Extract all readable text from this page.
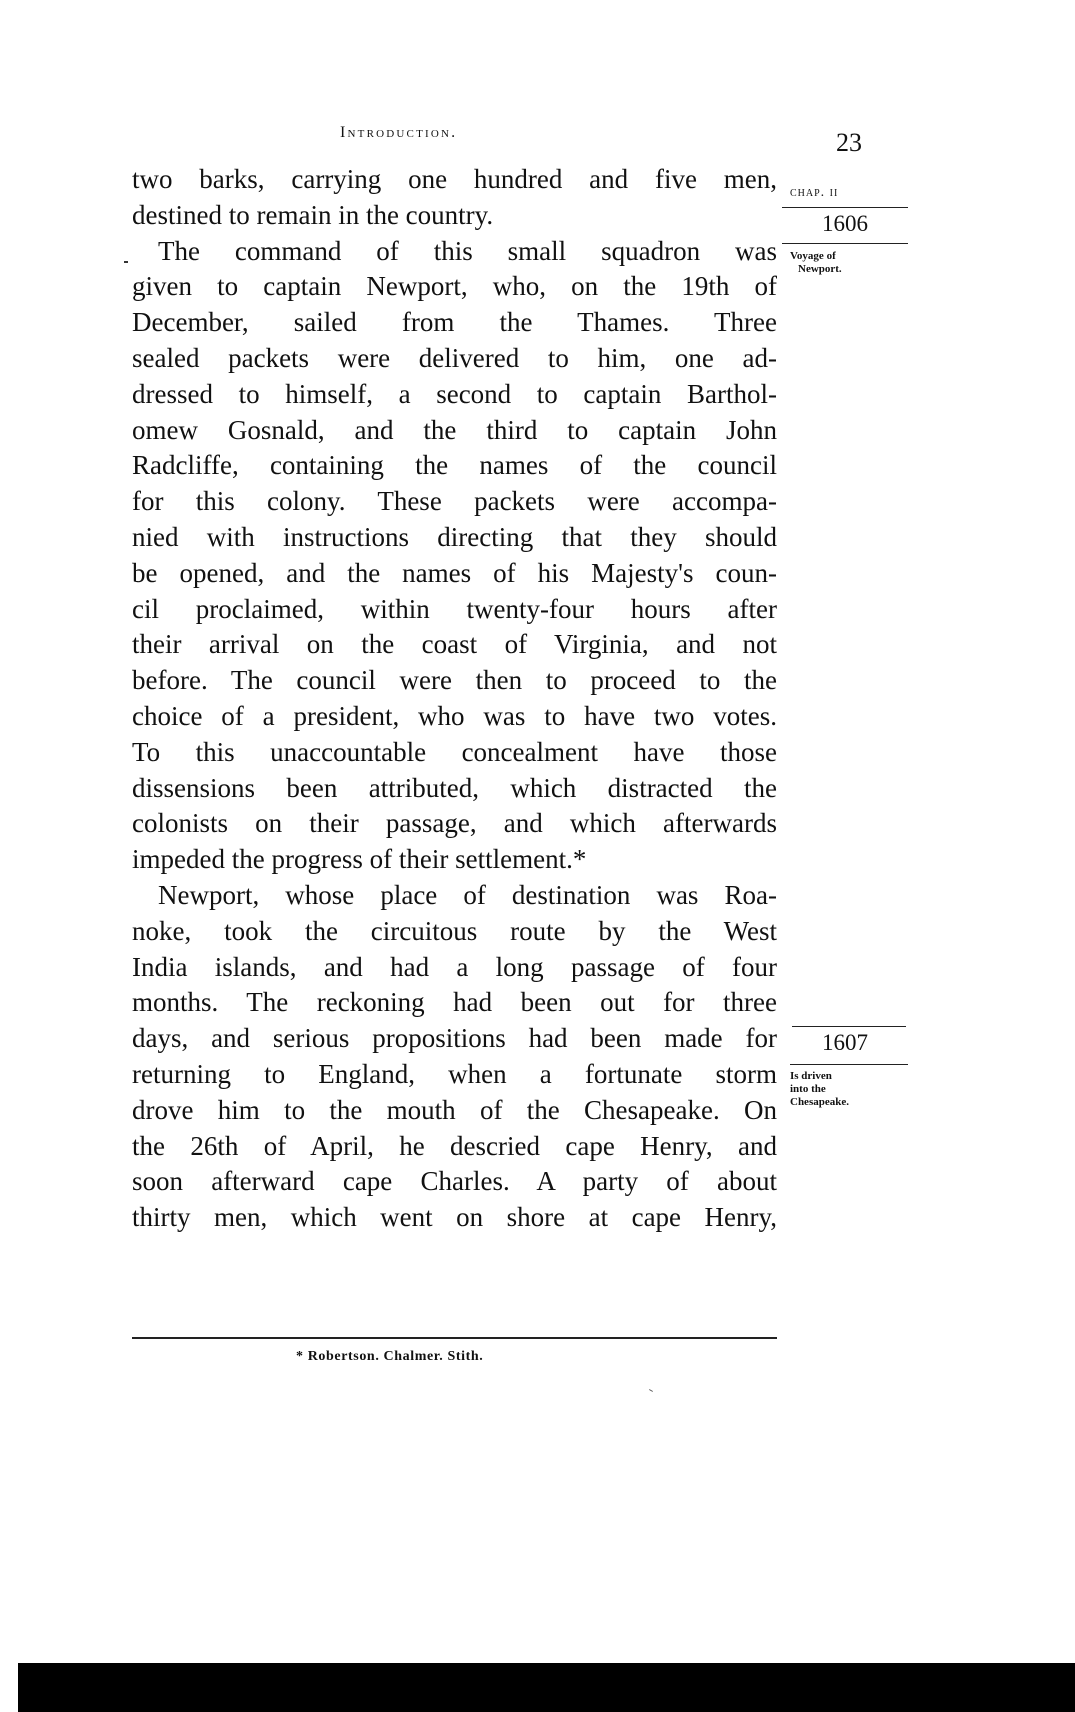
Introduction.	23
chap. ii
1606
Voyage of
Newport.
1607
Is driven
into the
Chesapeake.
two barks, carrying one hundred and five men,
destined to remain in the country.
The command of this small squadron was
given to captain Newport, who, on the 19th of
December, sailed from the Thames. Three
sealed packets were delivered to him, one ad-
dressed to himself, a second to captain Barthol-
omew Gosnald, and the third to captain John
Radcliffe, containing the names of the council
for this colony. These packets were accompa-
nied with instructions directing that they should
be opened, and the names of his Majesty's coun-
cil proclaimed, within twenty-four hours after
their arrival on the coast of Virginia, and not
before. The council were then to proceed to the
choice of a president, who was to have two votes.
To this unaccountable concealment have those
dissensions been attributed, which distracted the
colonists on their passage, and which afterwards
impeded the progress of their settlement.*
Newport, whose place of destination was Roa-
noke, took the circuitous route by the West
India islands, and had a long passage of four
months. The reckoning had been out for three
days, and serious propositions had been made for
returning to England, when a fortunate storm
drove him to the mouth of the Chesapeake. On
the 26th of April, he descried cape Henry, and
soon afterward cape Charles. A party of about
thirty men, which went on shore at cape Henry,
* Robertson. Chalmer. Stith.
